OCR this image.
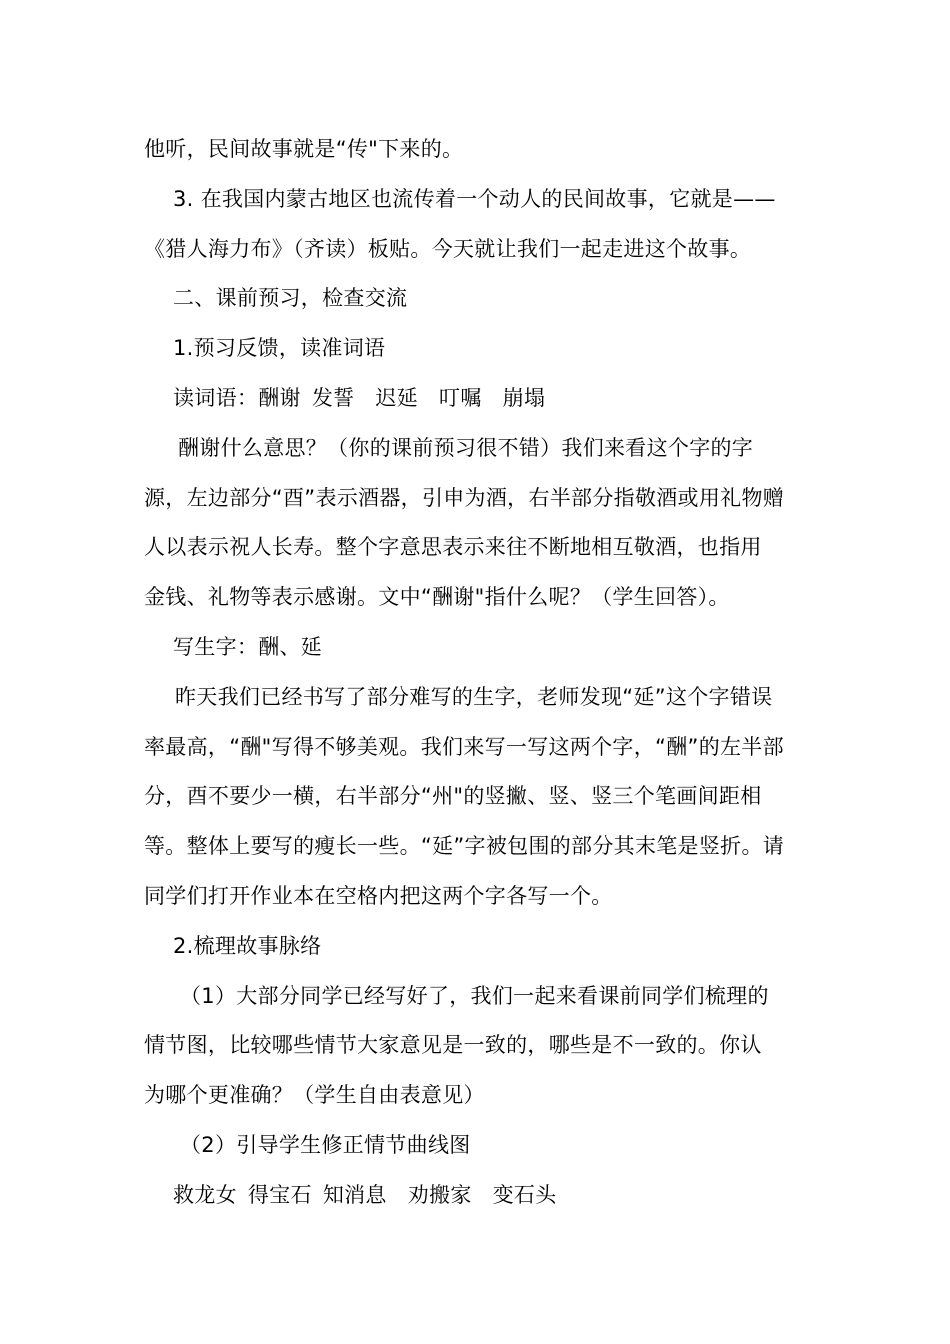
他听，民间故事就是“传"下来的。
3. 在我国内蒙古地区也流传着一个动人的民间故事，它就是——
《猎人海力布》（齐读）板贴。今天就让我们一起走进这个故事。
二、课前预习，检查交流
1.预习反馈，读准词语
读词语：酬谢 发誓 迟延 叮嘱 崩塌
酬谢什么意思？（你的课前预习很不错）我们来看这个字的字
源，左边部分“酉”表示酒器，引申为酒，右半部分指敬酒或用礼物赠
人以表示祝人长寿。整个字意思表示来往不断地相互敬酒，也指用
金钱、礼物等表示感谢。文中“酬谢"指什么呢？（学生回答）。
写生字：酬、延
昨天我们已经书写了部分难写的生字，老师发现“延”这个字错误
率最高，“酬"写得不够美观。我们来写一写这两个字，“酬”的左半部
分，酉不要少一横，右半部分“州"的竖撇、竖、竖三个笔画间距相
等。整体上要写的瘦长一些。“延”字被包围的部分其末笔是竖折。请
同学们打开作业本在空格内把这两个字各写一个。
2.梳理故事脉络
（1）大部分同学已经写好了，我们一起来看课前同学们梳理的
情节图，比较哪些情节大家意见是一致的，哪些是不一致的。你认
为哪个更准确？（学生自由表意见）
（2）引导学生修正情节曲线图
救龙女 得宝石 知消息 劝搬家 变石头
